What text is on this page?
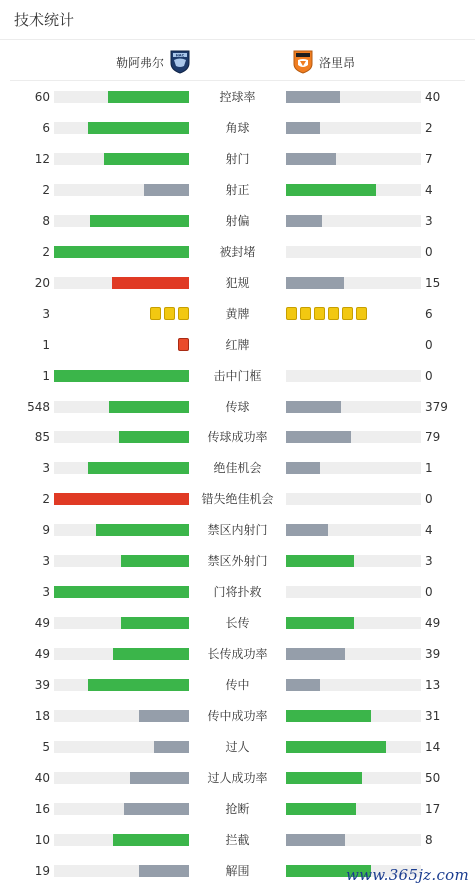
技术统计
勒阿弗尔
HAC
洛里昂
60	控球率	40
6	角球	2
12	射门	7
2	射正	4
8	射偏	3
2	被封堵	0
20	犯规	15
3	黄牌	6
1	红牌	0
1	击中门框	0
548	传球	379
85	传球成功率	79
3	绝佳机会	1
2	错失绝佳机会	0
9	禁区内射门	4
3	禁区外射门	3
3	门将扑救	0
49	长传	49
49	长传成功率	39
39	传中	13
18	传中成功率	31
5	过人	14
40	过人成功率	50
16	抢断	17
10	拦截	8
19	解围	www.365jz.com
